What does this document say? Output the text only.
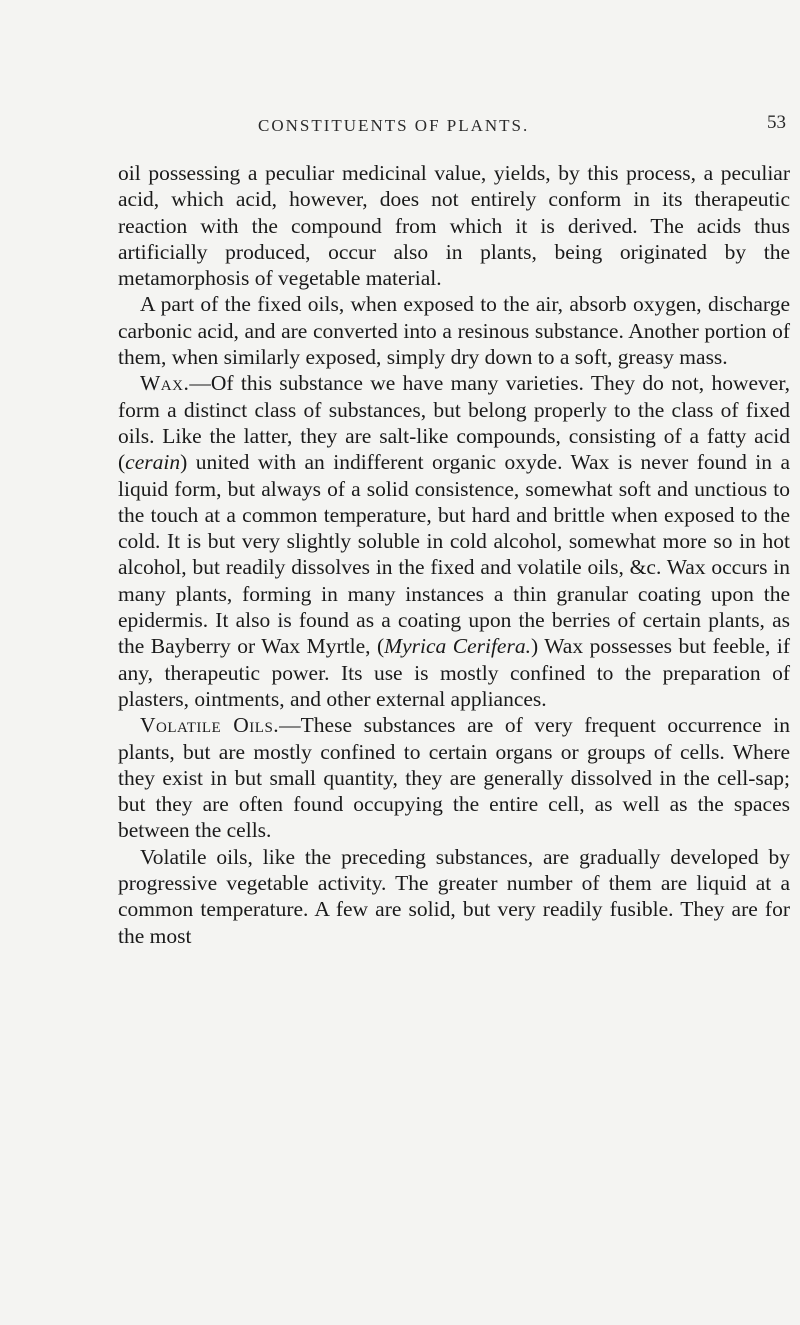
CONSTITUENTS OF PLANTS.	53

oil possessing a peculiar medicinal value, yields, by this process, a peculiar acid, which acid, however, does not entirely conform in its therapeutic reaction with the compound from which it is derived. The acids thus artificially produced, occur also in plants, being originated by the metamorphosis of vegetable material.

A part of the fixed oils, when exposed to the air, absorb oxygen, discharge carbonic acid, and are converted into a resinous substance. Another portion of them, when similarly exposed, simply dry down to a soft, greasy mass.

Wax.—Of this substance we have many varieties. They do not, however, form a distinct class of substances, but belong properly to the class of fixed oils. Like the latter, they are salt-like compounds, consisting of a fatty acid (cerain) united with an indifferent organic oxyde. Wax is never found in a liquid form, but always of a solid consistence, somewhat soft and unctious to the touch at a common temperature, but hard and brittle when exposed to the cold. It is but very slightly soluble in cold alcohol, somewhat more so in hot alcohol, but readily dissolves in the fixed and volatile oils, &c. Wax occurs in many plants, forming in many instances a thin granular coating upon the epidermis. It also is found as a coating upon the berries of certain plants, as the Bayberry or Wax Myrtle, (Myrica Cerifera.) Wax possesses but feeble, if any, therapeutic power. Its use is mostly confined to the preparation of plasters, ointments, and other external appliances.

Volatile Oils.—These substances are of very frequent occurrence in plants, but are mostly confined to certain organs or groups of cells. Where they exist in but small quantity, they are generally dissolved in the cell-sap; but they are often found occupying the entire cell, as well as the spaces between the cells.

Volatile oils, like the preceding substances, are gradually developed by progressive vegetable activity. The greater number of them are liquid at a common temperature. A few are solid, but very readily fusible. They are for the most
